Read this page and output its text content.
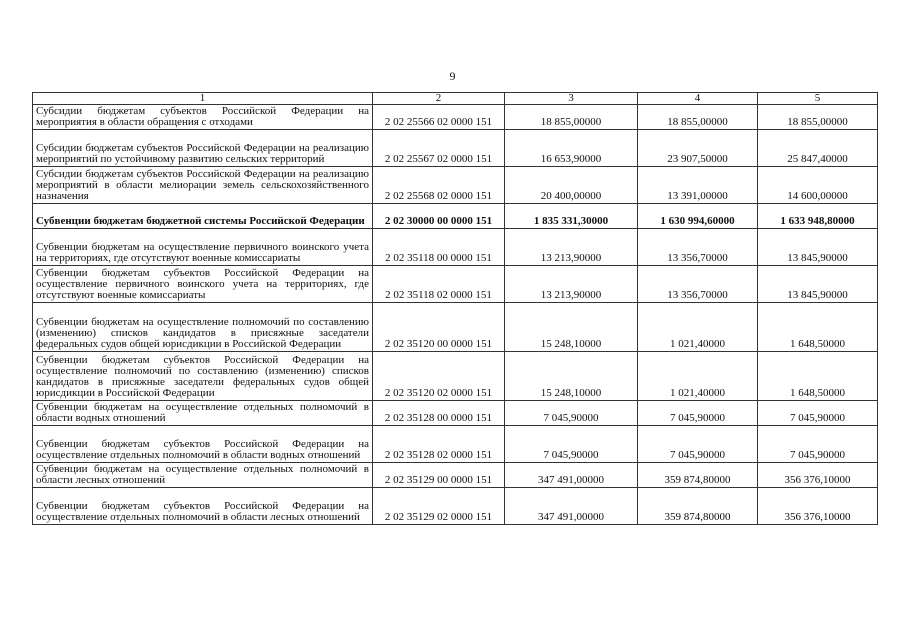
9
1	2	3	4	5
Субсидии бюджетам субъектов Российской Федерации на мероприятия в области обращения с отходами	2 02 25566 02 0000 151	18 855,00000	18 855,00000	18 855,00000
Субсидии бюджетам субъектов Российской Федерации на реализацию мероприятий по устойчивому развитию сельских территорий	2 02 25567 02 0000 151	16 653,90000	23 907,50000	25 847,40000
Субсидии бюджетам субъектов Российской Федерации на реализацию мероприятий в области мелиорации земель сельскохозяйственного назначения	2 02 25568 02 0000 151	20 400,00000	13 391,00000	14 600,00000
Субвенции бюджетам бюджетной системы Российской Федерации	2 02 30000 00 0000 151	1 835 331,30000	1 630 994,60000	1 633 948,80000
Субвенции бюджетам на осуществление первичного воинского учета на территориях, где отсутствуют военные комиссариаты	2 02 35118 00 0000 151	13 213,90000	13 356,70000	13 845,90000
Субвенции бюджетам субъектов Российской Федерации на осуществление первичного воинского учета на территориях, где отсутствуют военные комиссариаты	2 02 35118 02 0000 151	13 213,90000	13 356,70000	13 845,90000
Субвенции бюджетам на осуществление полномочий по составлению (изменению) списков кандидатов в присяжные заседатели федеральных судов общей юрисдикции в Российской Федерации	2 02 35120 00 0000 151	15 248,10000	1 021,40000	1 648,50000
Субвенции бюджетам субъектов Российской Федерации на осуществление полномочий по составлению (изменению) списков кандидатов в присяжные заседатели федеральных судов общей юрисдикции в Российской Федерации	2 02 35120 02 0000 151	15 248,10000	1 021,40000	1 648,50000
Субвенции бюджетам на осуществление отдельных полномочий в области водных отношений	2 02 35128 00 0000 151	7 045,90000	7 045,90000	7 045,90000
Субвенции бюджетам субъектов Российской Федерации на осуществление отдельных полномочий в области водных отношений	2 02 35128 02 0000 151	7 045,90000	7 045,90000	7 045,90000
Субвенции бюджетам на осуществление отдельных полномочий в области лесных отношений	2 02 35129 00 0000 151	347 491,00000	359 874,80000	356 376,10000
Субвенции бюджетам субъектов Российской Федерации на осуществление отдельных полномочий в области лесных отношений	2 02 35129 02 0000 151	347 491,00000	359 874,80000	356 376,10000
